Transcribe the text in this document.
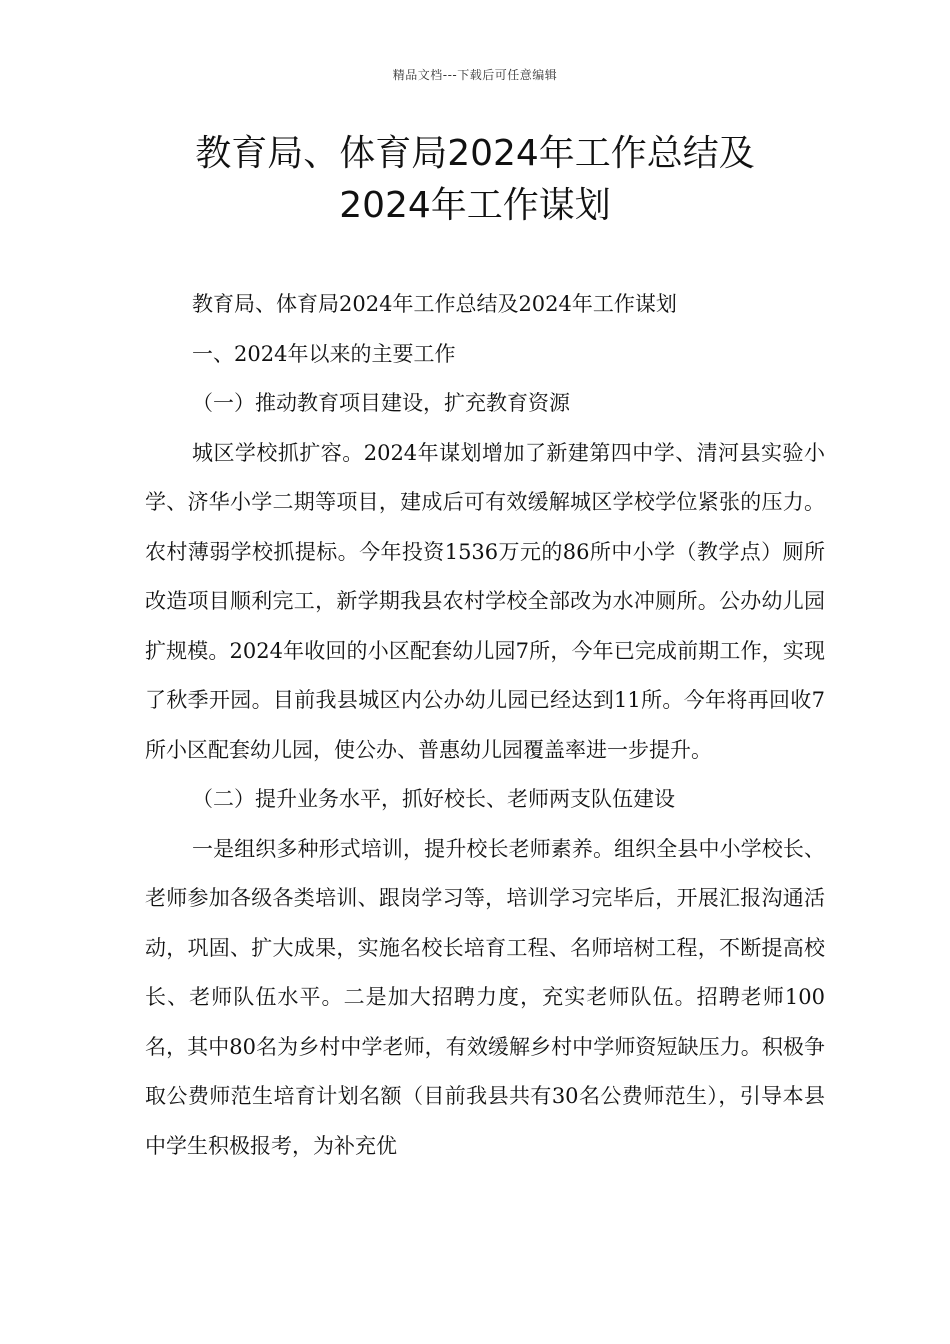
精品文档---下载后可任意编辑
教育局、体育局2024年工作总结及
2024年工作谋划

教育局、体育局2024年工作总结及2024年工作谋划

一、2024年以来的主要工作

（一）推动教育项目建设，扩充教育资源

城区学校抓扩容。2024年谋划增加了新建第四中学、清河县实验小学、济华小学二期等项目，建成后可有效缓解城区学校学位紧张的压力。农村薄弱学校抓提标。今年投资1536万元的86所中小学（教学点）厕所改造项目顺利完工，新学期我县农村学校全部改为水冲厕所。公办幼儿园扩规模。2024年收回的小区配套幼儿园7所，今年已完成前期工作，实现了秋季开园。目前我县城区内公办幼儿园已经达到11所。今年将再回收7所小区配套幼儿园，使公办、普惠幼儿园覆盖率进一步提升。

（二）提升业务水平，抓好校长、老师两支队伍建设

一是组织多种形式培训，提升校长老师素养。组织全县中小学校长、老师参加各级各类培训、跟岗学习等，培训学习完毕后，开展汇报沟通活动，巩固、扩大成果，实施名校长培育工程、名师培树工程，不断提高校长、老师队伍水平。二是加大招聘力度，充实老师队伍。招聘老师100名，其中80名为乡村中学老师，有效缓解乡村中学师资短缺压力。积极争取公费师范生培育计划名额（目前我县共有30名公费师范生），引导本县中学生积极报考，为补充优
